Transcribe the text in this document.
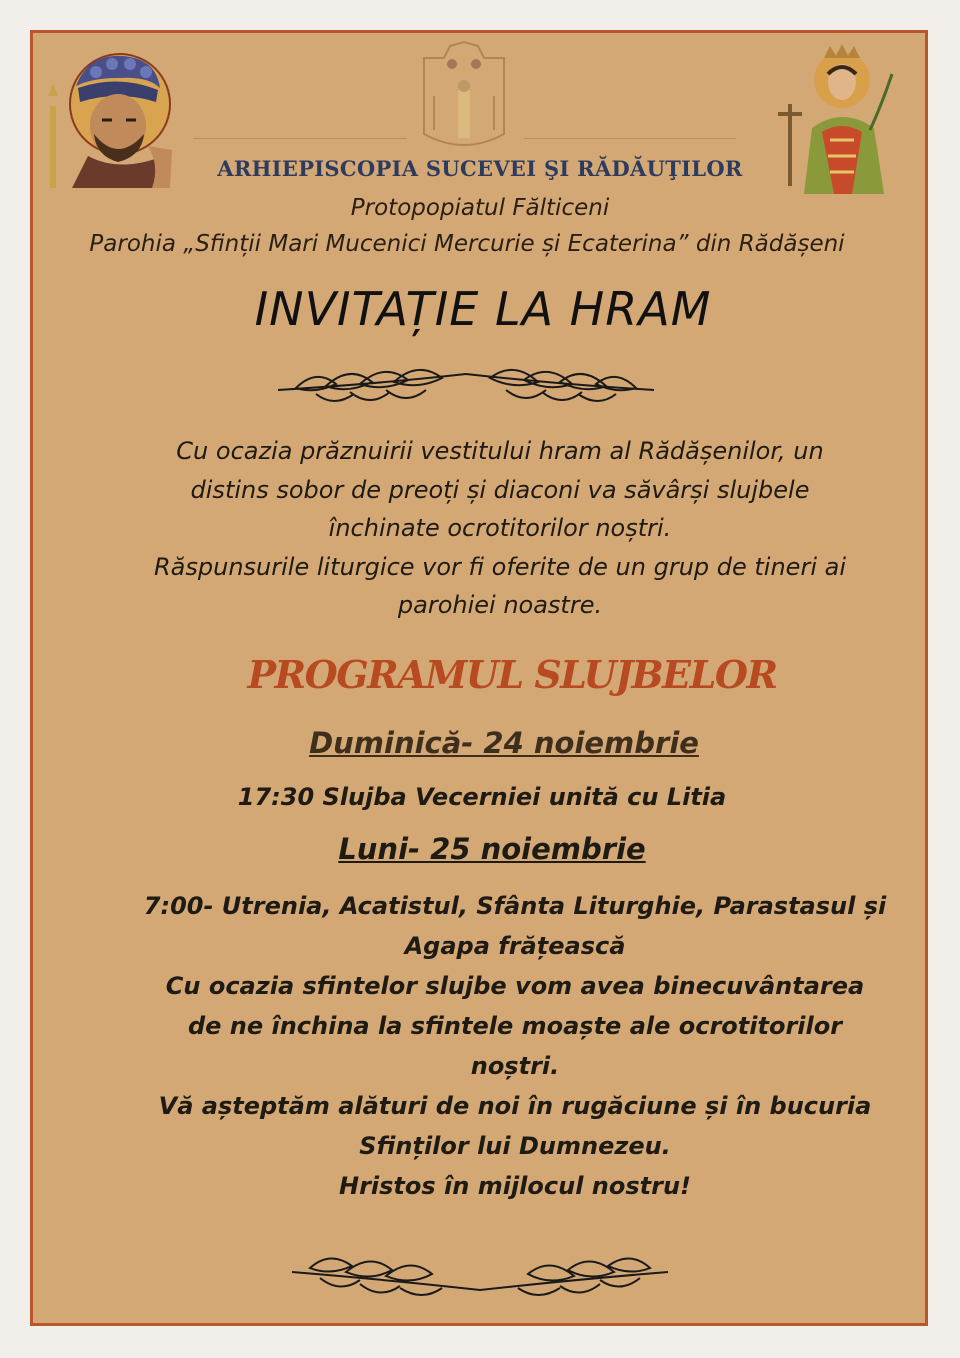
ARHIEPISCOPIA SUCEVEI ŞI RĂDĂUŢILOR
Protopopiatul Fălticeni
Parohia „Sfinții Mari Mucenici Mercurie și Ecaterina” din Rădășeni
INVITAȚIE LA HRAM

Cu ocazia prăznuirii vestitului hram al Rădășenilor, un

distins sobor de preoți și diaconi va săvârși slujbele

închinate ocrotitorilor noștri.

Răspunsurile liturgice vor fi oferite de un grup de tineri ai

parohiei noastre.

PROGRAMUL SLUJBELOR
Duminică- 24 noiembrie
17:30 Slujba Vecerniei unită cu Litia
Luni- 25 noiembrie

7:00- Utrenia, Acatistul, Sfânta Liturghie, Parastasul și

Agapa frățească

Cu ocazia sfintelor slujbe vom avea binecuvântarea

de ne închina la sfintele moaște ale ocrotitorilor

noștri.

Vă așteptăm alături de noi în rugăciune și în bucuria

Sfinților lui Dumnezeu.

Hristos în mijlocul nostru!
